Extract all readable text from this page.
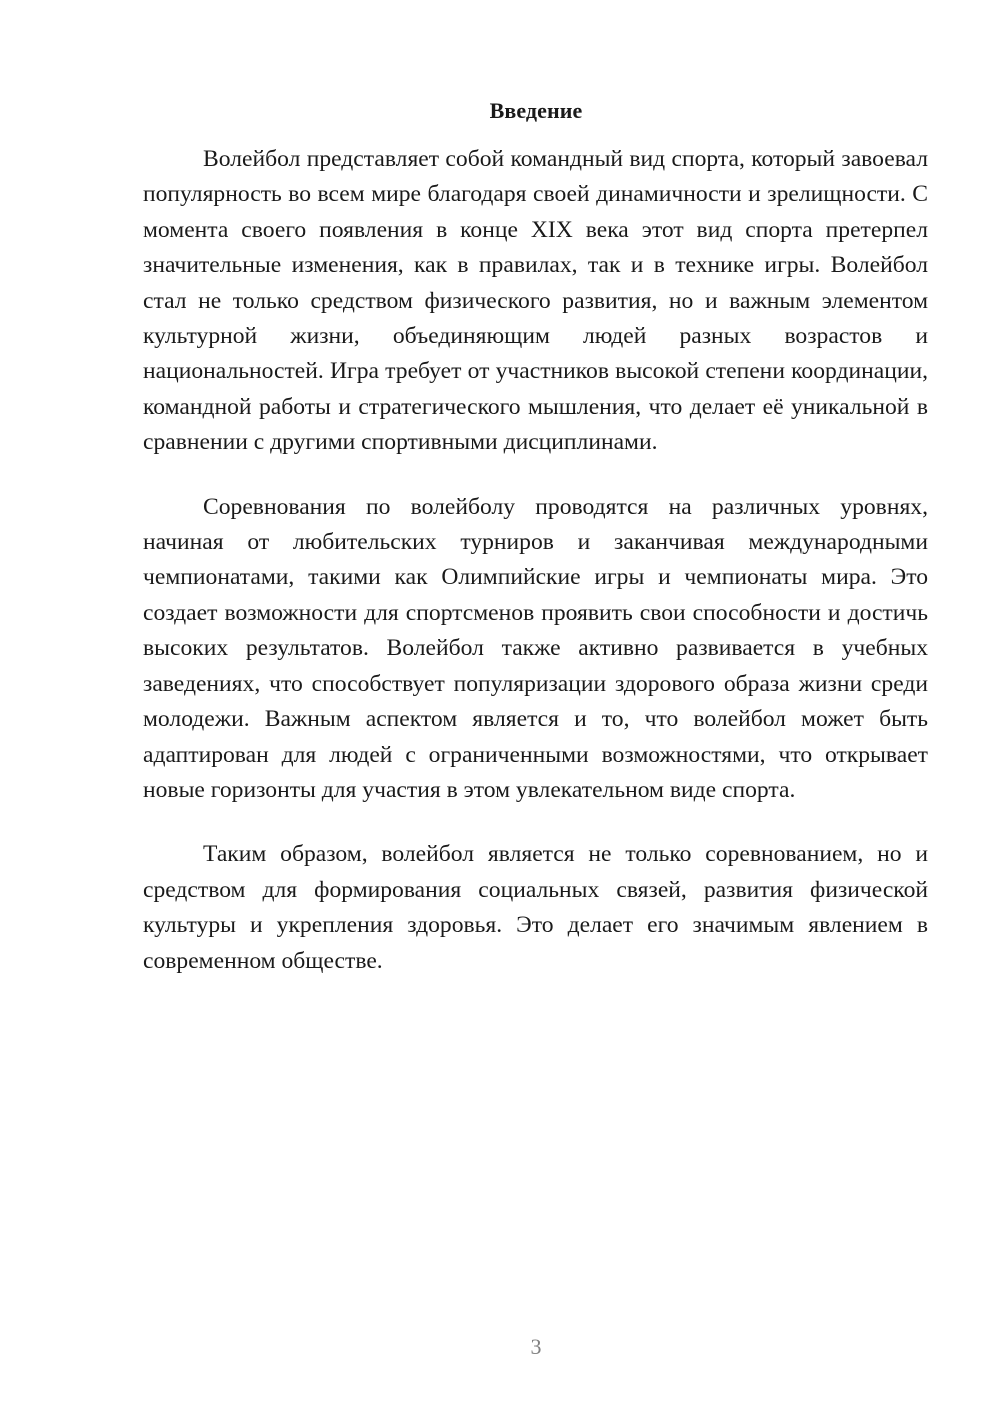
Введение

Волейбол представляет собой командный вид спорта, который завоевал популярность во всем мире благодаря своей динамичности и зрелищности. С момента своего появления в конце XIX века этот вид спорта претерпел значительные изменения, как в правилах, так и в технике игры. Волейбол стал не только средством физического развития, но и важным элементом культурной жизни, объединяющим людей разных возрастов и национальностей. Игра требует от участников высокой степени координации, командной работы и стратегического мышления, что делает её уникальной в сравнении с другими спортивными дисциплинами.

Соревнования по волейболу проводятся на различных уровнях, начиная от любительских турниров и заканчивая международными чемпионатами, такими как Олимпийские игры и чемпионаты мира. Это создает возможности для спортсменов проявить свои способности и достичь высоких результатов. Волейбол также активно развивается в учебных заведениях, что способствует популяризации здорового образа жизни среди молодежи. Важным аспектом является и то, что волейбол может быть адаптирован для людей с ограниченными возможностями, что открывает новые горизонты для участия в этом увлекательном виде спорта.

Таким образом, волейбол является не только соревнованием, но и средством для формирования социальных связей, развития физической культуры и укрепления здоровья. Это делает его значимым явлением в современном обществе.

3
